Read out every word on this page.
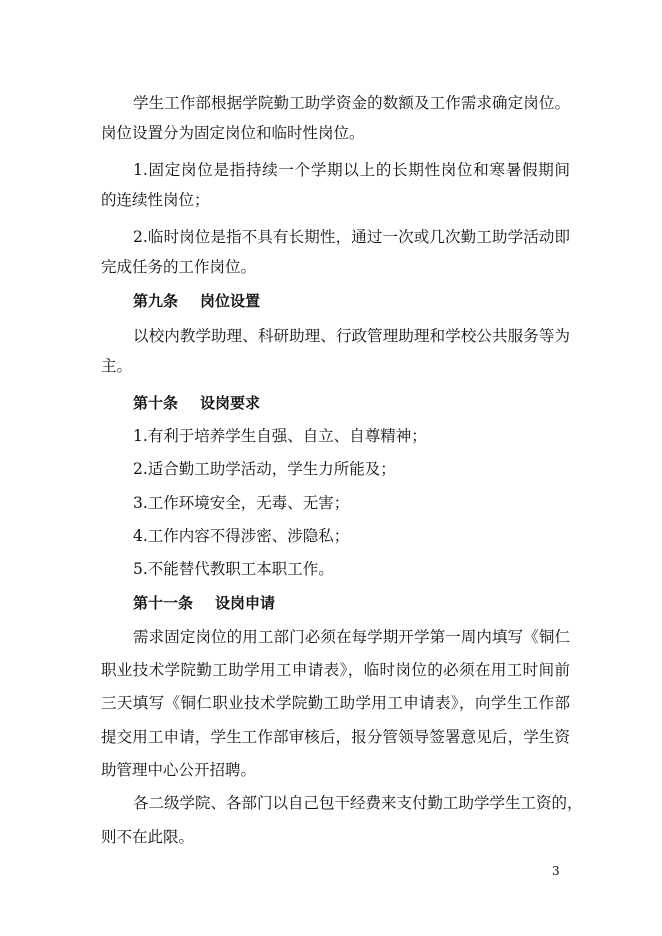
学生工作部根据学院勤工助学资金的数额及工作需求确定岗位。
岗位设置分为固定岗位和临时性岗位。
1.固定岗位是指持续一个学期以上的长期性岗位和寒暑假期间
的连续性岗位；
2.临时岗位是指不具有长期性，通过一次或几次勤工助学活动即
完成任务的工作岗位。
第九条 岗位设置
以校内教学助理、科研助理、行政管理助理和学校公共服务等为
主。
第十条 设岗要求
1.有利于培养学生自强、自立、自尊精神；
2.适合勤工助学活动，学生力所能及；
3.工作环境安全，无毒、无害；
4.工作内容不得涉密、涉隐私；
5.不能替代教职工本职工作。
第十一条 设岗申请
需求固定岗位的用工部门必须在每学期开学第一周内填写《铜仁
职业技术学院勤工助学用工申请表》，临时岗位的必须在用工时间前
三天填写《铜仁职业技术学院勤工助学用工申请表》，向学生工作部
提交用工申请，学生工作部审核后，报分管领导签署意见后，学生资
助管理中心公开招聘。
各二级学院、各部门以自己包干经费来支付勤工助学学生工资的，
则不在此限。
3
